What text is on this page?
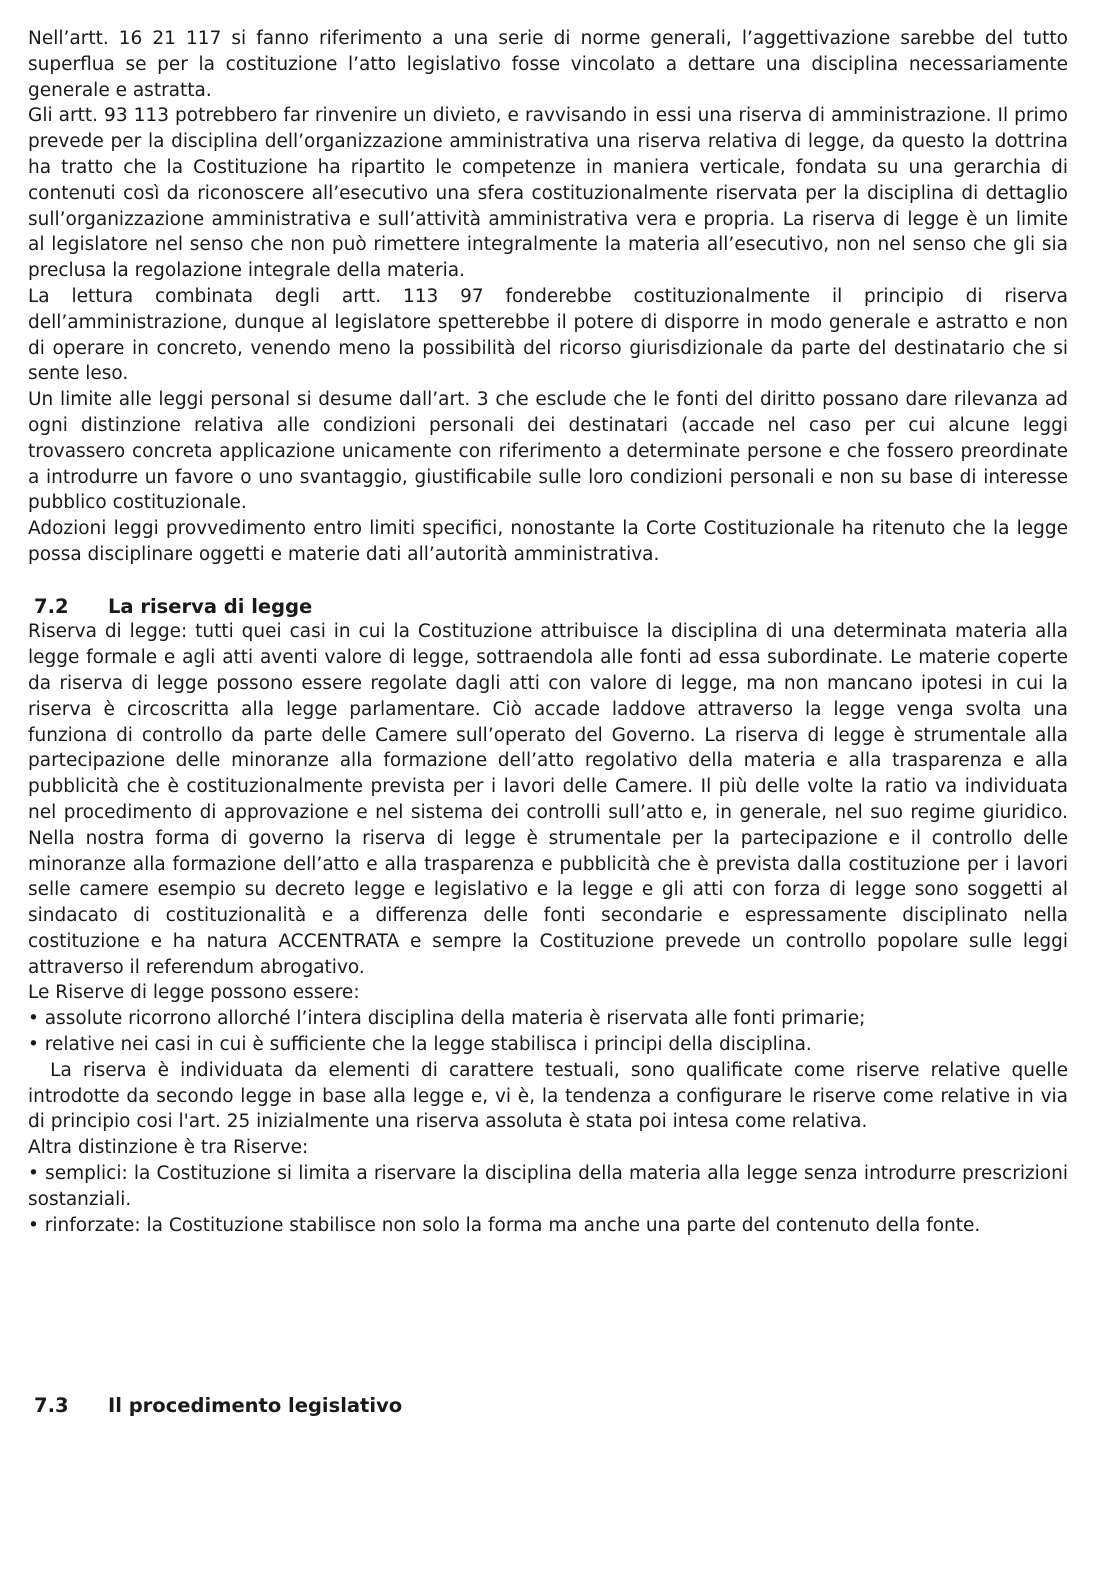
Nell’artt. 16 21 117 si fanno riferimento a una serie di norme generali, l’aggettivazione sarebbe del tutto superflua se per la costituzione l’atto legislativo fosse vincolato a dettare una disciplina necessariamente generale e astratta.

Gli artt. 93 113 potrebbero far rinvenire un divieto, e ravvisando in essi una riserva di amministrazione. Il primo prevede per la disciplina dell’organizzazione amministrativa una riserva relativa di legge, da questo la dottrina ha tratto che la Costituzione ha ripartito le competenze in maniera verticale, fondata su una gerarchia di contenuti così da riconoscere all’esecutivo una sfera costituzionalmente riservata per la disciplina di dettaglio sull’organizzazione amministrativa e sull’attività amministrativa vera e propria. La riserva di legge è un limite al legislatore nel senso che non può rimettere integralmente la materia all’esecutivo, non nel senso che gli sia preclusa la regolazione integrale della materia.

La lettura combinata degli artt. 113 97 fonderebbe costituzionalmente il principio di riserva dell’amministrazione, dunque al legislatore spetterebbe il potere di disporre in modo generale e astratto e non di operare in concreto, venendo meno la possibilità del ricorso giurisdizionale da parte del destinatario che si sente leso.

Un limite alle leggi personal si desume dall’art. 3 che esclude che le fonti del diritto possano dare rilevanza ad ogni distinzione relativa alle condizioni personali dei destinatari (accade nel caso per cui alcune leggi trovassero concreta applicazione unicamente con riferimento a determinate persone e che fossero preordinate a introdurre un favore o uno svantaggio, giustificabile sulle loro condizioni personali e non su base di interesse pubblico costituzionale.

Adozioni leggi provvedimento entro limiti specifici, nonostante la Corte Costituzionale ha ritenuto che la legge possa disciplinare oggetti e materie dati all’autorità amministrativa.

7.2	La riserva di legge

Riserva di legge: tutti quei casi in cui la Costituzione attribuisce la disciplina di una determinata materia alla legge formale e agli atti aventi valore di legge, sottraendola alle fonti ad essa subordinate. Le materie coperte da riserva di legge possono essere regolate dagli atti con valore di legge, ma non mancano ipotesi in cui la riserva è circoscritta alla legge parlamentare. Ciò accade laddove attraverso la legge venga svolta una funziona di controllo da parte delle Camere sull’operato del Governo. La riserva di legge è strumentale alla partecipazione delle minoranze alla formazione dell’atto regolativo della materia e alla trasparenza e alla pubblicità che è costituzionalmente prevista per i lavori delle Camere. Il più delle volte la ratio va individuata nel procedimento di approvazione e nel sistema dei controlli sull’atto e, in generale, nel suo regime giuridico. Nella nostra forma di governo la riserva di legge è strumentale per la partecipazione e il controllo delle minoranze alla formazione dell’atto e alla trasparenza e pubblicità che è prevista dalla costituzione per i lavori selle camere esempio su decreto legge e legislativo e la legge e gli atti con forza di legge sono soggetti al sindacato di costituzionalità e a differenza delle fonti secondarie e espressamente disciplinato nella costituzione e ha natura ACCENTRATA e sempre la Costituzione prevede un controllo popolare sulle leggi attraverso il referendum abrogativo.

Le Riserve di legge possono essere:

• assolute ricorrono allorché l’intera disciplina della materia è riservata alle fonti primarie;

• relative nei casi in cui è sufficiente che la legge stabilisca i principi della disciplina.

La riserva è individuata da elementi di carattere testuali, sono qualificate come riserve relative quelle introdotte da secondo legge in base alla legge e, vi è, la tendenza a configurare le riserve come relative in via di principio cosi l'art. 25 inizialmente una riserva assoluta è stata poi intesa come relativa.

Altra distinzione è tra Riserve:

• semplici: la Costituzione si limita a riservare la disciplina della materia alla legge senza introdurre prescrizioni sostanziali.

• rinforzate: la Costituzione stabilisce non solo la forma ma anche una parte del contenuto della fonte.

7.3	Il procedimento legislativo
